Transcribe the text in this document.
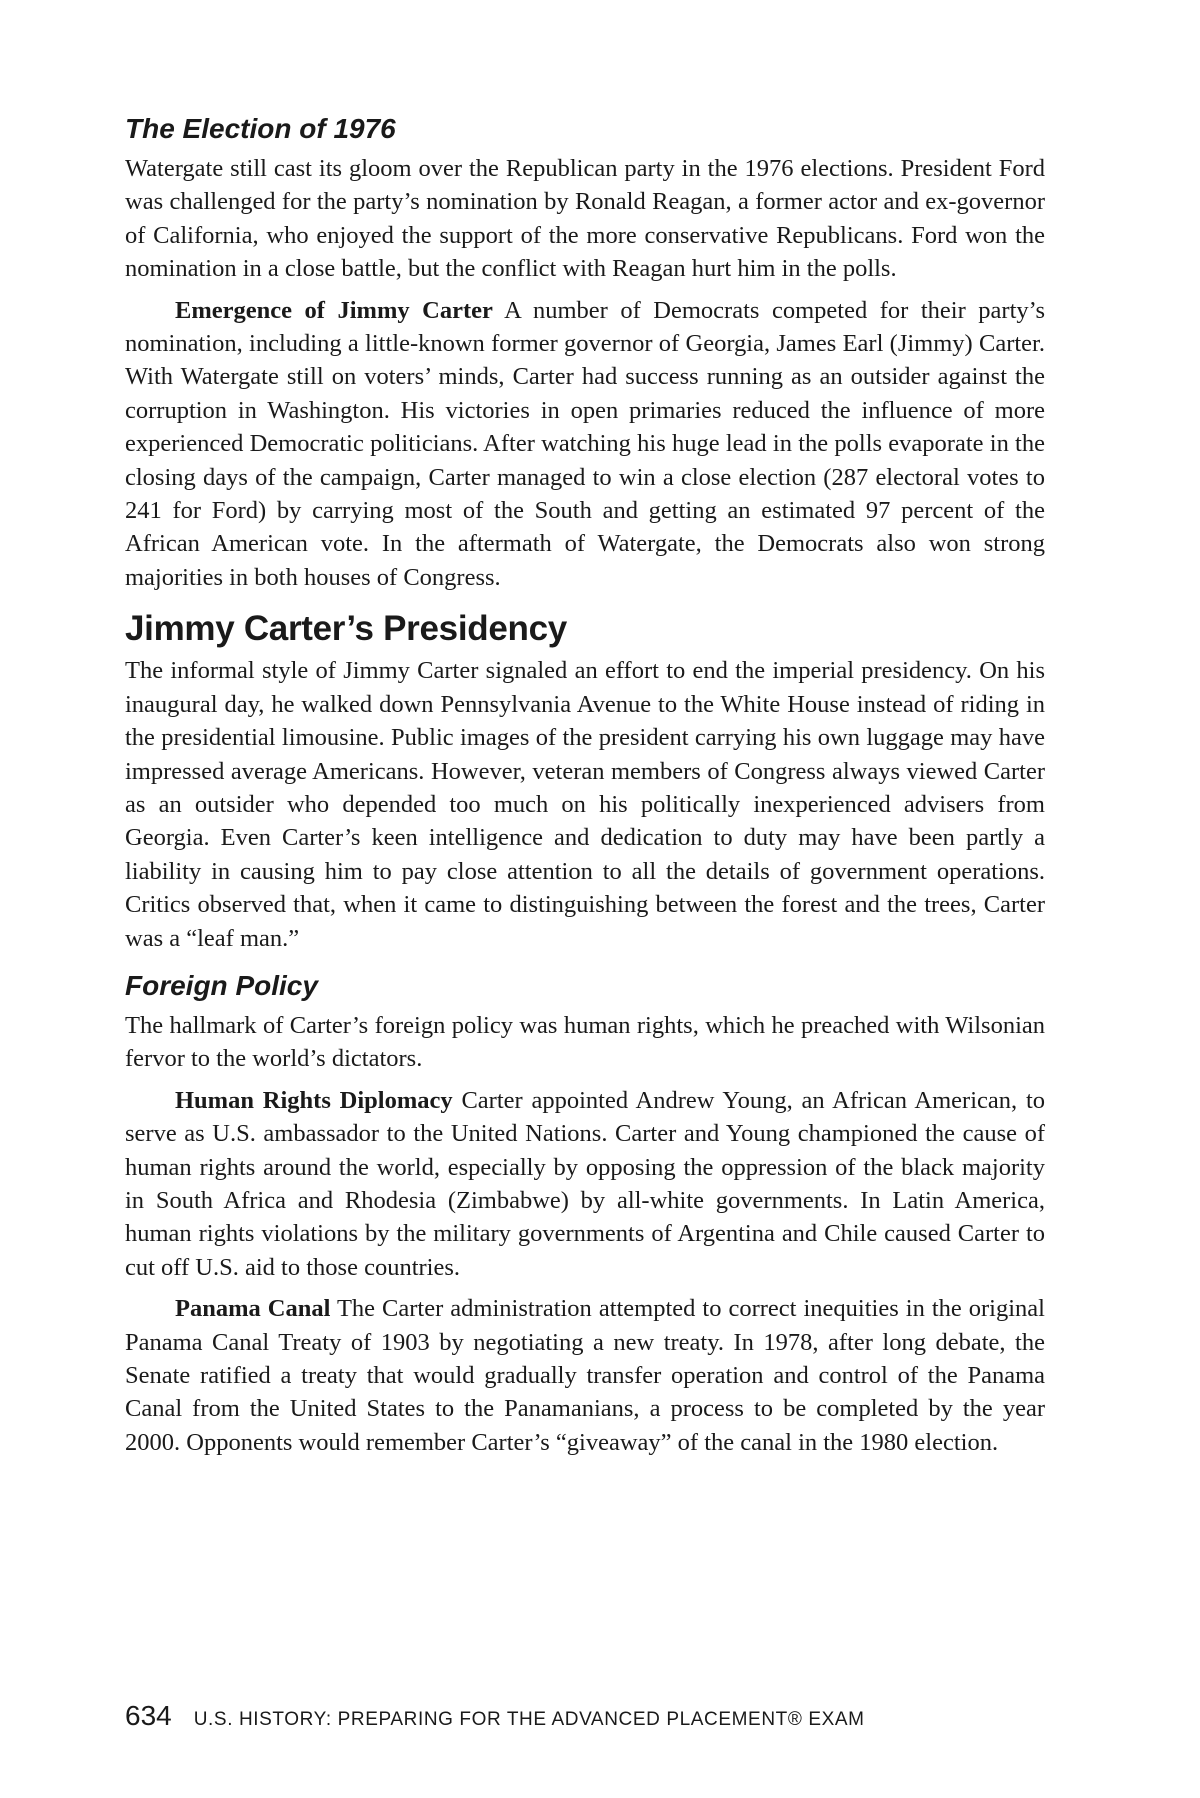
The Election of 1976

Watergate still cast its gloom over the Republican party in the 1976 elections. President Ford was challenged for the party’s nomination by Ronald Reagan, a former actor and ex-governor of California, who enjoyed the support of the more conservative Republicans. Ford won the nomination in a close battle, but the conflict with Reagan hurt him in the polls.

Emergence of Jimmy Carter A number of Democrats competed for their party’s nomination, including a little-known former governor of Georgia, James Earl (Jimmy) Carter. With Watergate still on voters’ minds, Carter had success running as an outsider against the corruption in Washington. His victories in open primaries reduced the influence of more experienced Democratic politicians. After watching his huge lead in the polls evaporate in the closing days of the campaign, Carter managed to win a close election (287 electoral votes to 241 for Ford) by carrying most of the South and getting an estimated 97 percent of the African American vote. In the aftermath of Watergate, the Democrats also won strong majorities in both houses of Congress.

Jimmy Carter’s Presidency

The informal style of Jimmy Carter signaled an effort to end the imperial presidency. On his inaugural day, he walked down Pennsylvania Avenue to the White House instead of riding in the presidential limousine. Public images of the president carrying his own luggage may have impressed average Americans. However, veteran members of Congress always viewed Carter as an outsider who depended too much on his politically inexperienced advisers from Georgia. Even Carter’s keen intelligence and dedication to duty may have been partly a liability in causing him to pay close attention to all the details of government operations. Critics observed that, when it came to distinguishing between the forest and the trees, Carter was a “leaf man.”

Foreign Policy

The hallmark of Carter’s foreign policy was human rights, which he preached with Wilsonian fervor to the world’s dictators.

Human Rights Diplomacy Carter appointed Andrew Young, an African American, to serve as U.S. ambassador to the United Nations. Carter and Young championed the cause of human rights around the world, especially by opposing the oppression of the black majority in South Africa and Rhodesia (Zimbabwe) by all-white governments. In Latin America, human rights violations by the military governments of Argentina and Chile caused Carter to cut off U.S. aid to those countries.

Panama Canal The Carter administration attempted to correct inequities in the original Panama Canal Treaty of 1903 by negotiating a new treaty. In 1978, after long debate, the Senate ratified a treaty that would gradually transfer operation and control of the Panama Canal from the United States to the Panamanians, a process to be completed by the year 2000. Opponents would remember Carter’s “giveaway” of the canal in the 1980 election.

634 U.S. HISTORY: PREPARING FOR THE ADVANCED PLACEMENT® EXAM
